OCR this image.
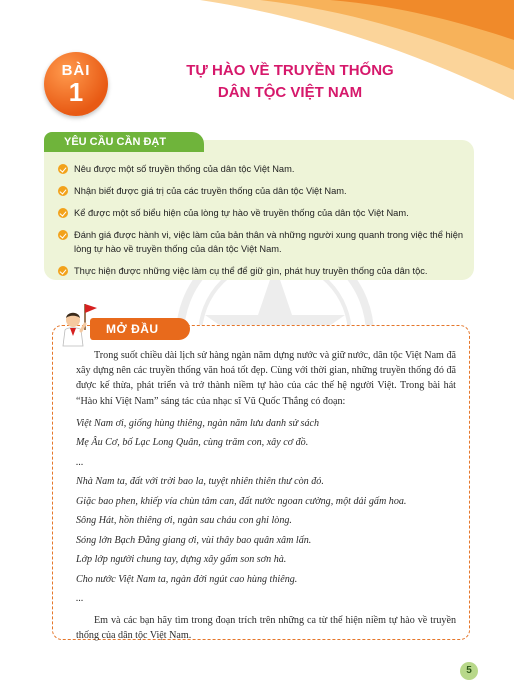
BÀI
1
TỰ HÀO VỀ TRUYỀN THỐNG
DÂN TỘC VIỆT NAM
YÊU CẦU CẦN ĐẠT
Nêu được một số truyền thống của dân tộc Việt Nam.
Nhận biết được giá trị của các truyền thống của dân tộc Việt Nam.
Kể được một số biểu hiện của lòng tự hào về truyền thống của dân tộc Việt Nam.
Đánh giá được hành vi, việc làm của bản thân và những người xung quanh trong việc thể hiện lòng tự hào về truyền thống của dân tộc Việt Nam.
Thực hiện được những việc làm cụ thể để giữ gìn, phát huy truyền thống của dân tộc.
MỞ ĐẦU

Trong suốt chiều dài lịch sử hàng ngàn năm dựng nước và giữ nước, dân tộc Việt Nam đã xây dựng nên các truyền thống văn hoá tốt đẹp. Cùng với thời gian, những truyền thống đó đã được kế thừa, phát triển và trở thành niềm tự hào của các thế hệ người Việt. Trong bài hát “Hào khí Việt Nam” sáng tác của nhạc sĩ Vũ Quốc Thắng có đoạn:

Việt Nam ơi, giống hùng thiêng, ngàn năm lưu danh sử sách
Mẹ Âu Cơ, bố Lạc Long Quân, cùng trăm con, xây cơ đồ.
...
Nhà Nam ta, đất với trời bao la, tuyệt nhiên thiên thư còn đó.
Giặc bao phen, khiếp vía chùn tâm can, đất nước ngoan cường, một dải gấm hoa.
Sông Hát, hồn thiêng ơi, ngàn sau cháu con ghi lòng.
Sóng lớn Bạch Đằng giang ơi, vùi thây bao quân xâm lấn.
Lớp lớp người chung tay, dựng xây gấm son sơn hà.
Cho nước Việt Nam ta, ngàn đời ngút cao hùng thiêng.
...

Em và các bạn hãy tìm trong đoạn trích trên những ca từ thể hiện niềm tự hào về truyền thống của dân tộc Việt Nam.

5
